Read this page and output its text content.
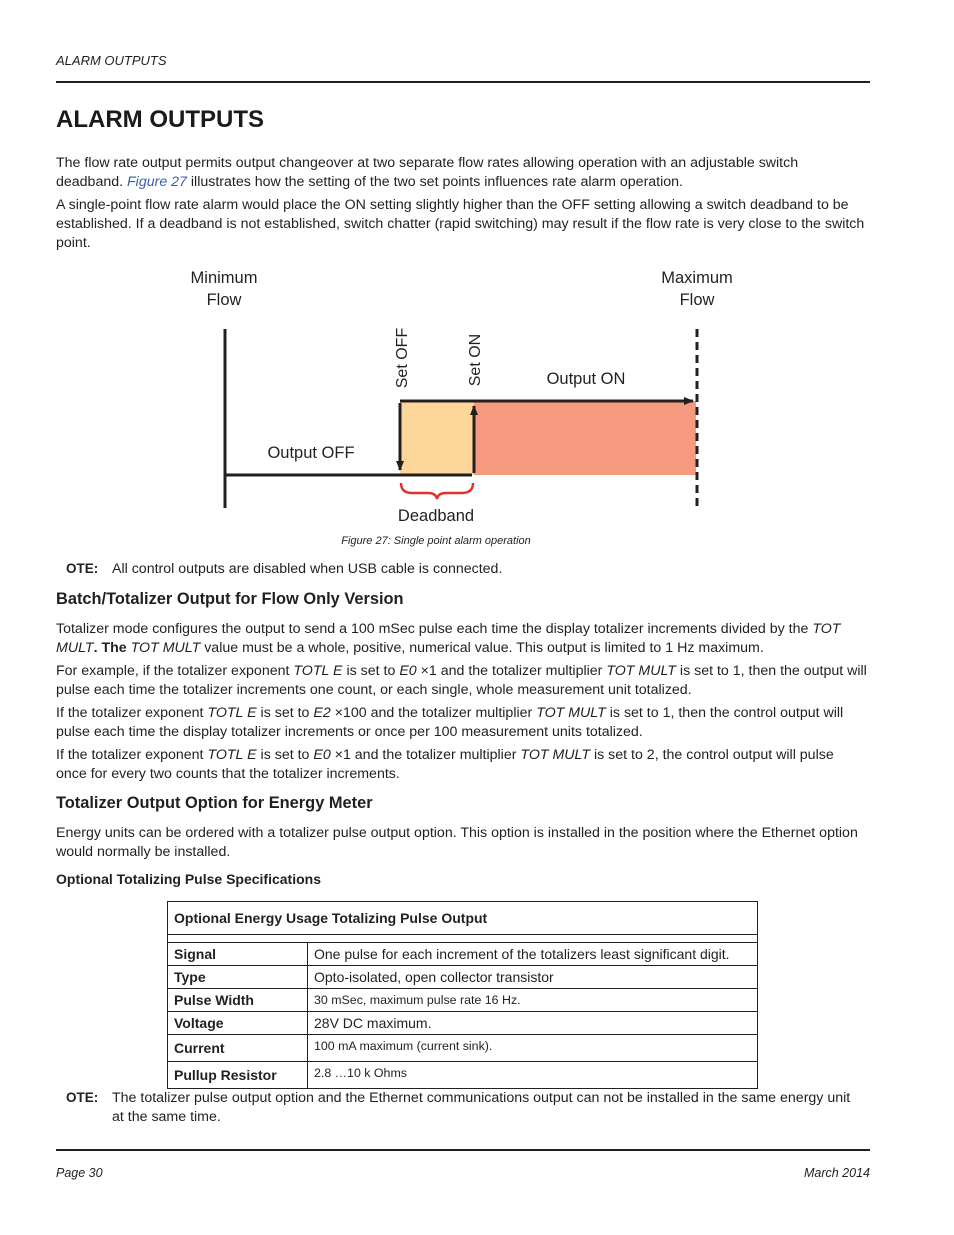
ALARM OUTPUTS
ALARM OUTPUTS
The flow rate output permits output changeover at two separate flow rates allowing operation with an adjustable switch deadband. Figure 27 illustrates how the setting of the two set points influences rate alarm operation.
A single-point flow rate alarm would place the ON setting slightly higher than the OFF setting allowing a switch deadband to be established. If a deadband is not established, switch chatter (rapid switching) may result if the flow rate is very close to the switch point.
Minimum
Flow
Maximum
Flow
Set OFF	Set ON	Output ON
Output OFF
Deadband
Figure 27: Single point alarm operation
OTE: All control outputs are disabled when USB cable is connected.
Batch/Totalizer Output for Flow Only Version
Totalizer mode configures the output to send a 100 mSec pulse each time the display totalizer increments divided by the TOT MULT. The TOT MULT value must be a whole, positive, numerical value. This output is limited to 1 Hz maximum.
For example, if the totalizer exponent TOTL E is set to E0 ×1 and the totalizer multiplier TOT MULT is set to 1, then the output will pulse each time the totalizer increments one count, or each single, whole measurement unit totalized.
If the totalizer exponent TOTL E is set to E2 ×100 and the totalizer multiplier TOT MULT is set to 1, then the control output will pulse each time the display totalizer increments or once per 100 measurement units totalized.
If the totalizer exponent TOTL E is set to E0 ×1 and the totalizer multiplier TOT MULT is set to 2, the control output will pulse once for every two counts that the totalizer increments.
Totalizer Output Option for Energy Meter
Energy units can be ordered with a totalizer pulse output option. This option is installed in the position where the Ethernet option would normally be installed.
Optional Totalizing Pulse Specifications
Optional Energy Usage Totalizing Pulse Output	

Signal	One pulse for each increment of the totalizers least significant digit.
Type	Opto-isolated, open collector transistor
Pulse Width	30 mSec, maximum pulse rate 16 Hz.
Voltage	28V DC maximum.
Current	100 mA maximum (current sink).
Pullup Resistor	2.8 …10 k Ohms
OTE: The totalizer pulse output option and the Ethernet communications output can not be installed in the same energy unit at the same time.
Page 30	March 2014
